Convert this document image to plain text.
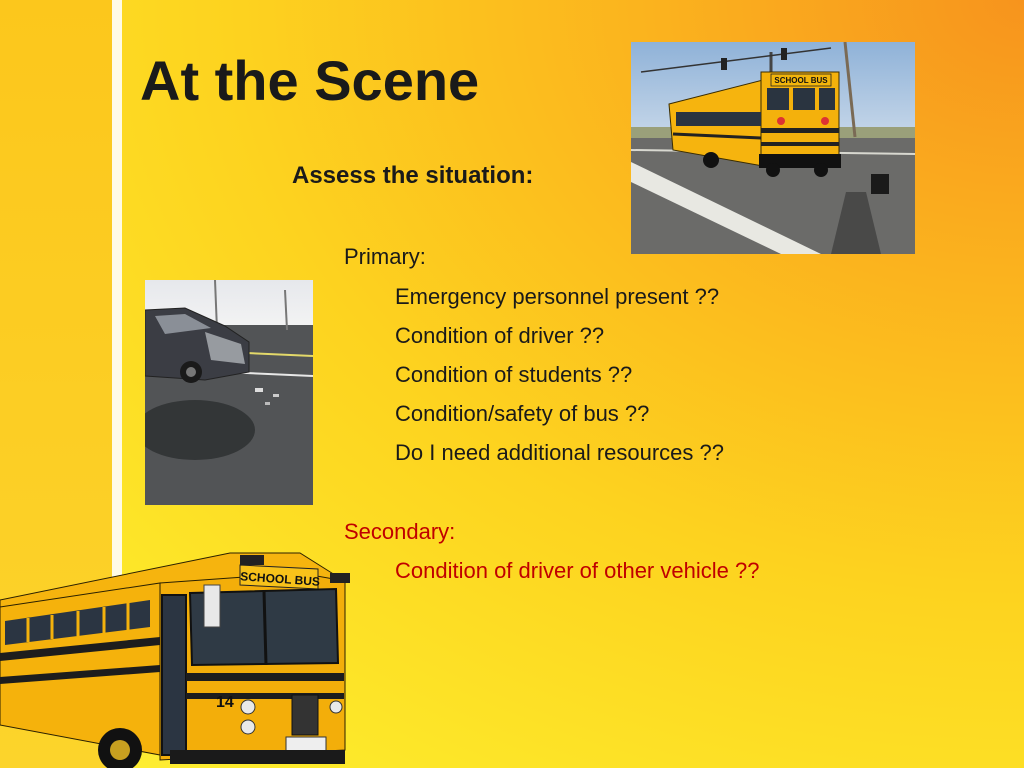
At the Scene
Assess the situation:
Primary:
Emergency personnel present ??
Condition of driver ??
Condition of students ??
Condition/safety of bus ??
Do I need additional resources ??
Secondary:
Condition of driver of other vehicle ??
SCHOOL BUS
SCHOOL BUS
14
